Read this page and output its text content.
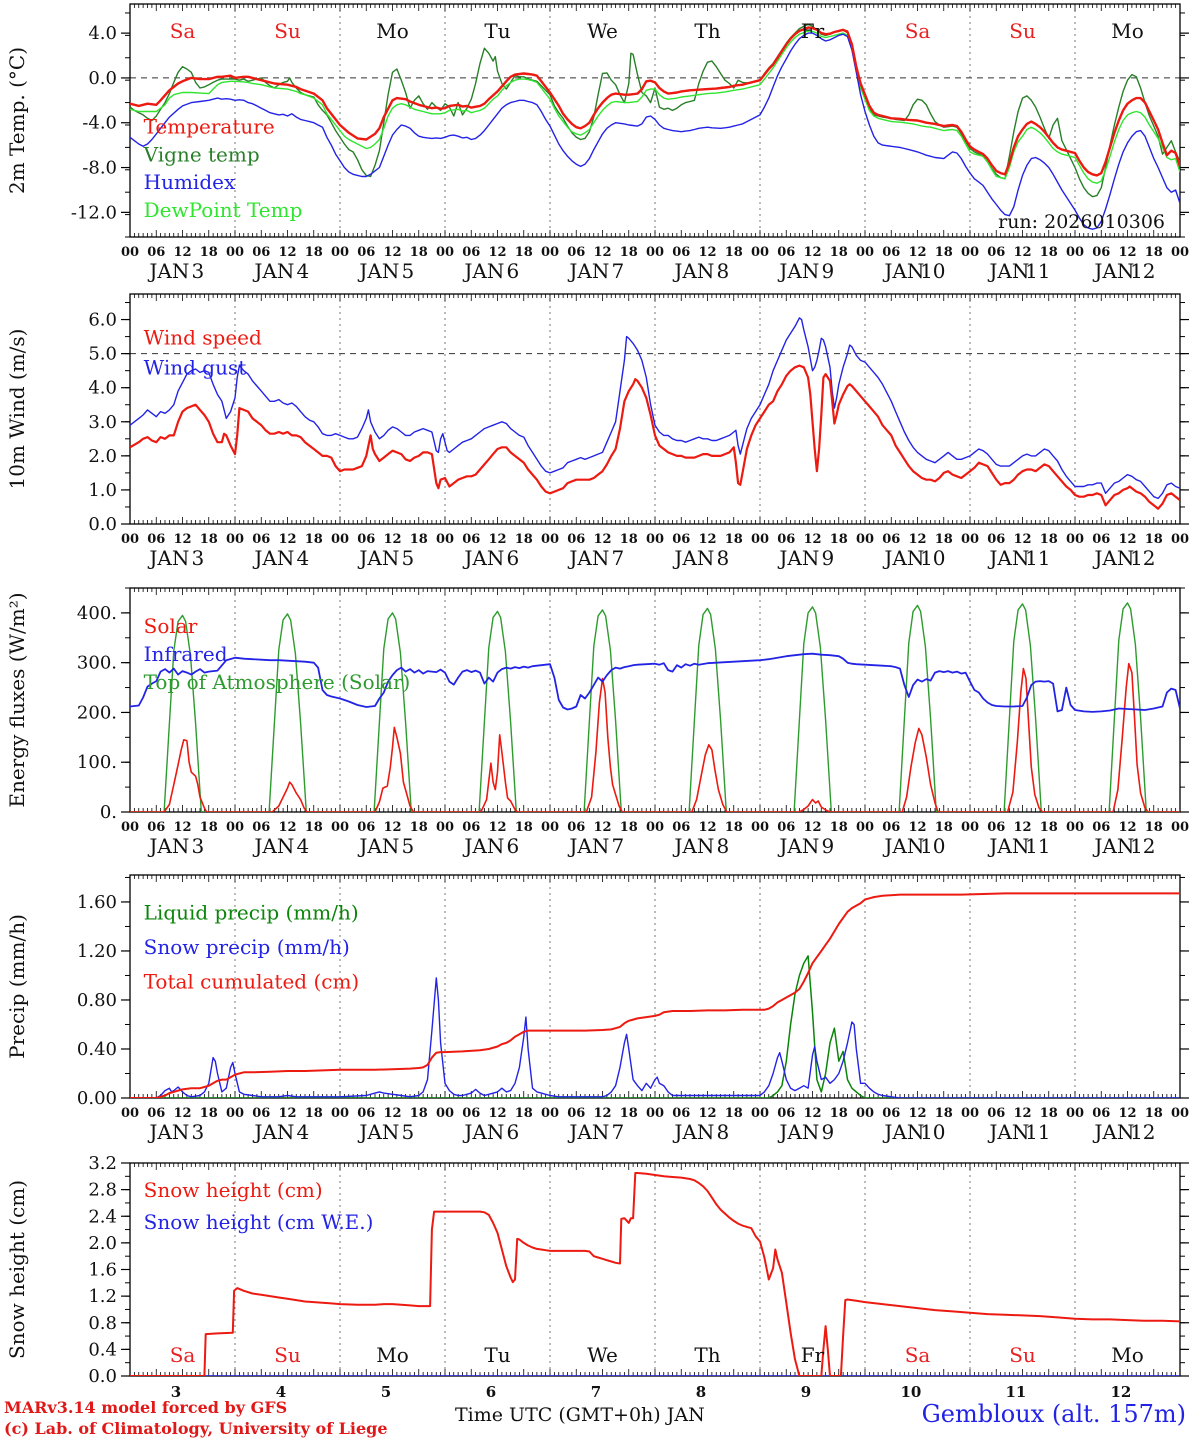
4.0
0.0
-4.0
-8.0
-12.0
Temperature
Vigne temp
Humidex
DewPoint Temp
Sa	Su	Mo	Tu	We	Th	Fr	Sa	Su	Mo
run: 2026010306
00 06 12 18 00 06 12 18 00 06 12 18 00 06 12 18 00 06 12 18 00 06 12 18 00 06 12 18 00 06 12 18 00 06 12 18 00 06 12 18 00
JAN 3	JAN 4	JAN 5	JAN 6	JAN 7	JAN 8	JAN 9	JAN
10 JAN
11 JAN
12
2m Temp. (°C)
6.0
5.0
4.0
3.0
2.0
1.0
0.0
Wind speed
Wind gust
00 06 12 18 00 06 12 18 00 06 12 18 00 06 12 18 00 06 12 18 00 06 12 18 00 06 12 18 00 06 12 18 00 06 12 18 00 06 12 18 00
JAN 3	JAN 4	JAN 5	JAN 6	JAN 7	JAN 8	JAN 9	JAN
10 JAN
11 JAN
12
10m Wind (m/s)
400.
300.
200.
100.
0.
Solar
Infrared
Top of Atmosphere (Solar)
00 06 12 18 00 06 12 18 00 06 12 18 00 06 12 18 00 06 12 18 00 06 12 18 00 06 12 18 00 06 12 18 00 06 12 18 00 06 12 18 00
JAN 3	JAN 4	JAN 5	JAN 6	JAN 7	JAN 8	JAN 9	JAN
10 JAN
11 JAN
12
Energy fluxes (W/m²)
1.60
1.20
0.80
0.40
0.00
Liquid precip (mm/h)
Snow precip (mm/h)
Total cumulated (cm)
00 06 12 18 00 06 12 18 00 06 12 18 00 06 12 18 00 06 12 18 00 06 12 18 00 06 12 18 00 06 12 18 00 06 12 18 00 06 12 18 00
JAN 3	JAN 4	JAN 5	JAN 6	JAN 7	JAN 8	JAN 9	JAN
10 JAN
11 JAN
12
Precip (mm/h)
3.2
2.8
2.4
2.0
1.6
1.2
0.8
0.4
0.0
Snow height (cm)
Snow height (cm W.E.)
Sa	Su	Mo	Tu	We	Th	Fr	Sa	Su	Mo
3	4	5	6	7	8	9	10	11	12
Snow height (cm)
MARv3.14 model forced by GFS
(c) Lab. of Climatology, University of Liege
Time UTC (GMT+0h) JAN	Gembloux (alt. 157m)
